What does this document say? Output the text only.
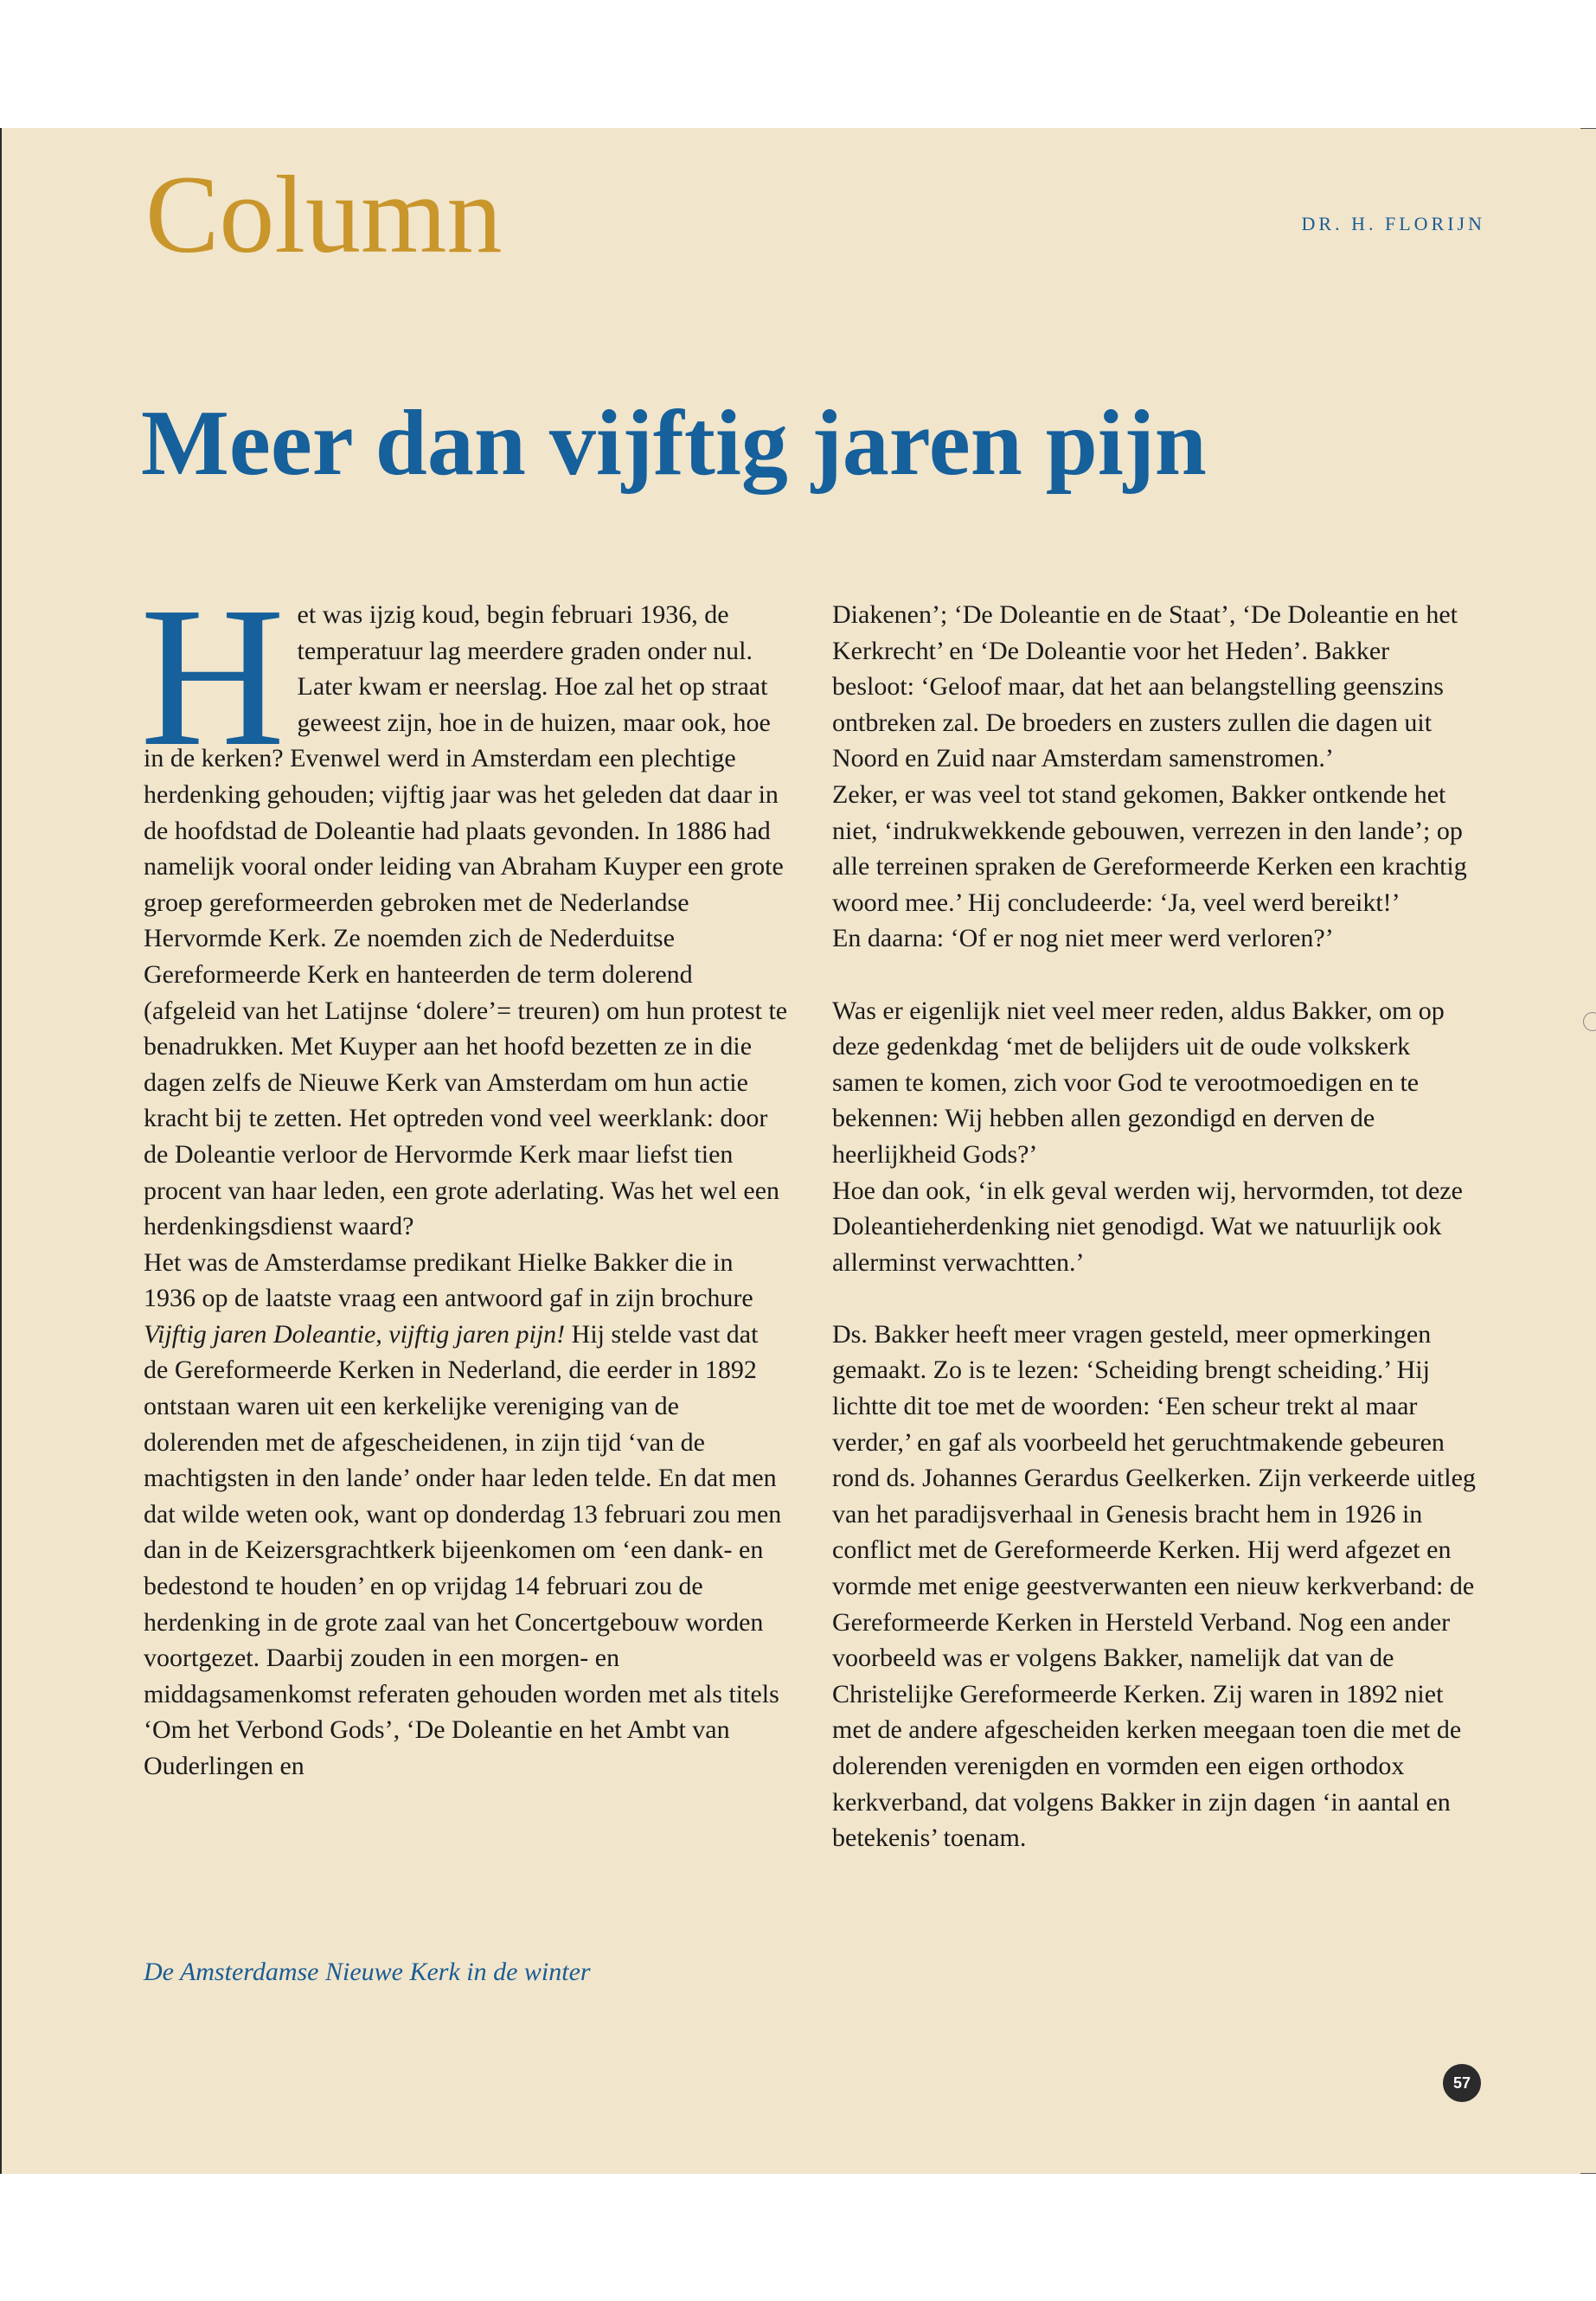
Column	DR. H. FLORIJN
Meer dan vijftig jaren pijn

Het was ijzig koud, begin februari 1936, de temperatuur lag meerdere graden onder nul. Later kwam er neerslag. Hoe zal het op straat geweest zijn, hoe in de huizen, maar ook, hoe in de kerken? Evenwel werd in Amsterdam een plechtige herdenking gehouden; vijftig jaar was het geleden dat daar in de hoofdstad de Doleantie had plaats gevonden. In 1886 had namelijk vooral onder leiding van Abraham Kuyper een grote groep gereformeerden gebroken met de Nederlandse Hervormde Kerk. Ze noemden zich de Nederduitse Gereformeerde Kerk en hanteerden de term dolerend (afgeleid van het Latijnse ‘dolere’= treuren) om hun protest te benadrukken. Met Kuyper aan het hoofd bezetten ze in die dagen zelfs de Nieuwe Kerk van Amsterdam om hun actie kracht bij te zetten. Het optreden vond veel weerklank: door de Doleantie verloor de Hervormde Kerk maar liefst tien procent van haar leden, een grote aderlating. Was het wel een herdenkingsdienst waard?

Het was de Amsterdamse predikant Hielke Bakker die in 1936 op de laatste vraag een antwoord gaf in zijn brochure Vijftig jaren Doleantie, vijftig jaren pijn! Hij stelde vast dat de Gereformeerde Kerken in Nederland, die eerder in 1892 ontstaan waren uit een kerkelijke vereniging van de dolerenden met de afgescheidenen, in zijn tijd ‘van de machtigsten in den lande’ onder haar leden telde. En dat men dat wilde weten ook, want op donderdag 13 februari zou men dan in de Keizersgrachtkerk bijeenkomen om ‘een dank- en bedestond te houden’ en op vrijdag 14 februari zou de herdenking in de grote zaal van het Concertgebouw worden voortgezet. Daarbij zouden in een morgen- en middagsamenkomst referaten gehouden worden met als titels ‘Om het Verbond Gods’, ‘De Doleantie en het Ambt van Ouderlingen en

Diakenen’; ‘De Doleantie en de Staat’, ‘De Doleantie en het Kerkrecht’ en ‘De Doleantie voor het Heden’. Bakker besloot: ‘Geloof maar, dat het aan belangstelling geenszins ontbreken zal. De broeders en zusters zullen die dagen uit Noord en Zuid naar Amsterdam samenstromen.’

Zeker, er was veel tot stand gekomen, Bakker ontkende het niet, ‘indrukwekkende gebouwen, verrezen in den lande’; op alle terreinen spraken de Gereformeerde Kerken een krachtig woord mee.’ Hij concludeerde: ‘Ja, veel werd bereikt!’

En daarna: ‘Of er nog niet meer werd verloren?’

Was er eigenlijk niet veel meer reden, aldus Bakker, om op deze gedenkdag ‘met de belijders uit de oude volkskerk samen te komen, zich voor God te verootmoedigen en te bekennen: Wij hebben allen gezondigd en derven de heerlijkheid Gods?’

Hoe dan ook, ‘in elk geval werden wij, hervormden, tot deze Doleantieherdenking niet genodigd. Wat we natuurlijk ook allerminst verwachtten.’

Ds. Bakker heeft meer vragen gesteld, meer opmerkingen gemaakt. Zo is te lezen: ‘Scheiding brengt scheiding.’ Hij lichtte dit toe met de woorden: ‘Een scheur trekt al maar verder,’ en gaf als voorbeeld het geruchtmakende gebeuren rond ds. Johannes Gerardus Geelkerken. Zijn verkeerde uitleg van het paradijsverhaal in Genesis bracht hem in 1926 in conflict met de Gereformeerde Kerken. Hij werd afgezet en vormde met enige geestverwanten een nieuw kerkverband: de Gereformeerde Kerken in Hersteld Verband. Nog een ander voorbeeld was er volgens Bakker, namelijk dat van de Christelijke Gereformeerde Kerken. Zij waren in 1892 niet met de andere afgescheiden kerken meegaan toen die met de dolerenden verenigden en vormden een eigen orthodox kerkverband, dat volgens Bakker in zijn dagen ‘in aantal en betekenis’ toenam.

De Amsterdamse Nieuwe Kerk in de winter
57
